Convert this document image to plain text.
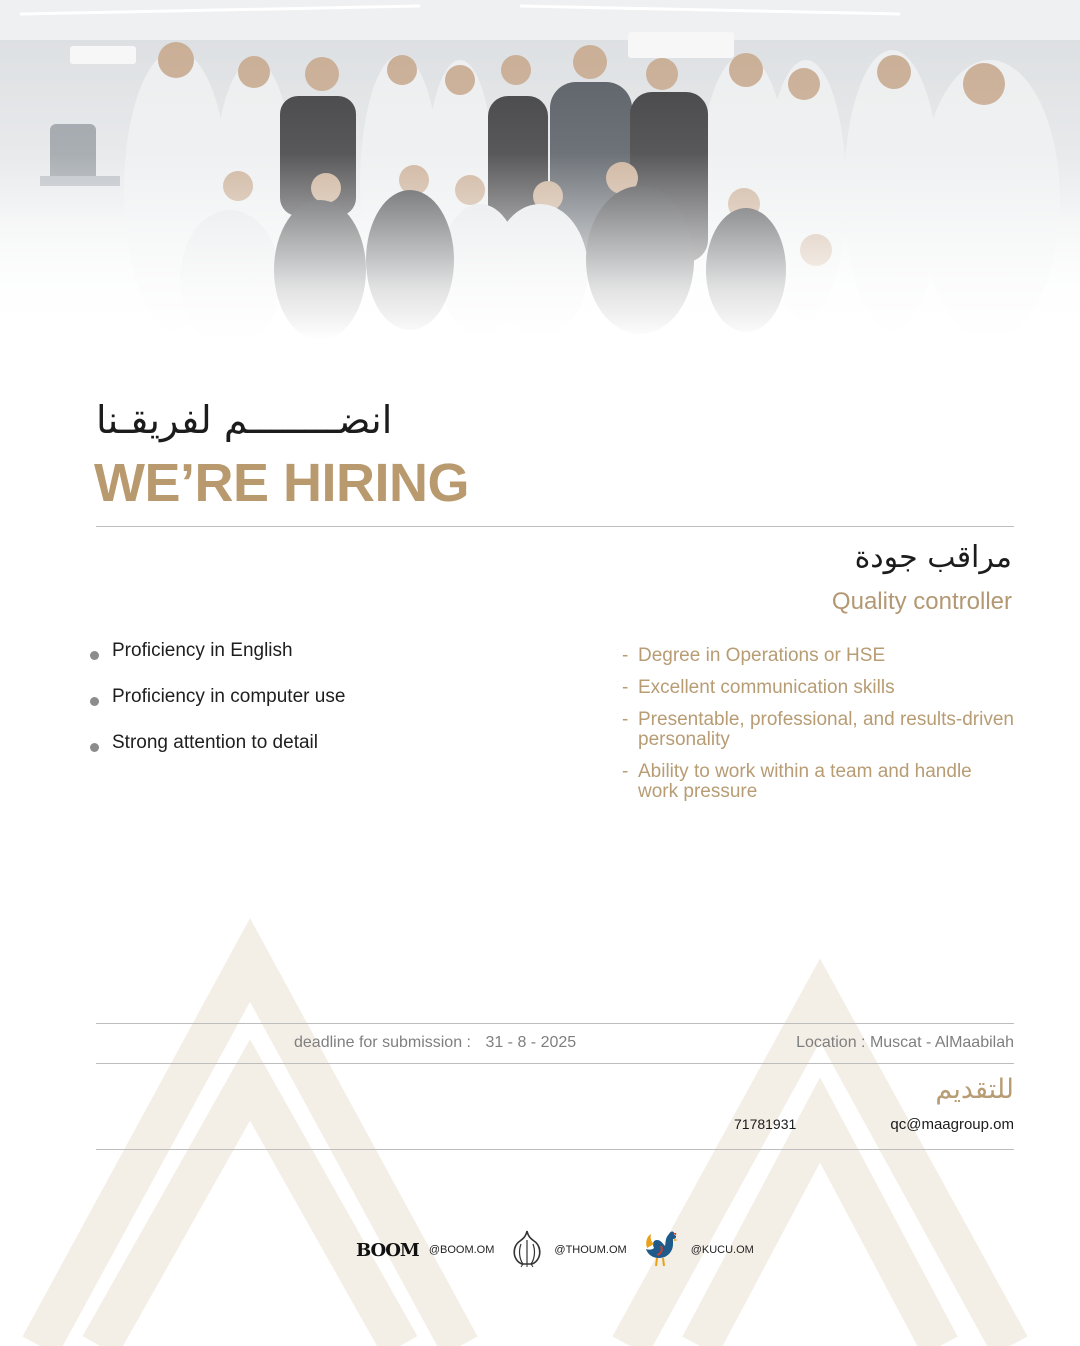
انضــــــــم لفريقـنا
WE’RE HIRING
مراقب جودة
Quality controller
Proficiency in English
Proficiency in computer use
Strong attention to detail
- Degree in Operations or HSE
- Excellent communication skills
- Presentable, professional, and results-driven personality
- Ability to work within a team and handle work pressure
deadline for submission : 31 - 8 - 2025	Location : Muscat - AlMaabilah
للتقديم
71781931	qc@maagroup.om
BOOM @BOOM.OM	@THOUM.OM	@KUCU.OM
